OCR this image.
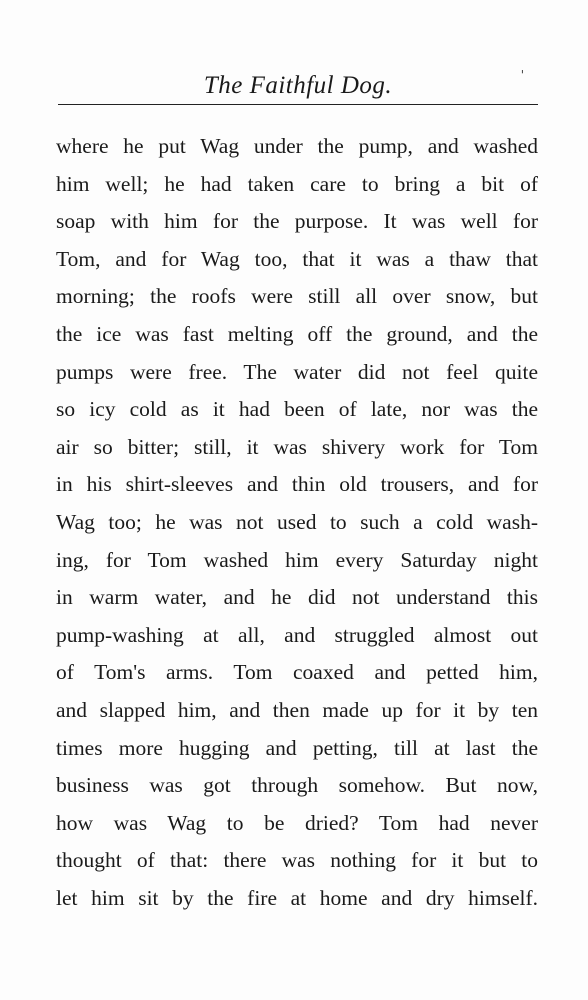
The Faithful Dog.	'
where he put Wag under the pump, and washed
him well; he had taken care to bring a bit of
soap with him for the purpose. It was well for
Tom, and for Wag too, that it was a thaw that
morning; the roofs were still all over snow, but
the ice was fast melting off the ground, and the
pumps were free. The water did not feel quite
so icy cold as it had been of late, nor was the
air so bitter; still, it was shivery work for Tom
in his shirt-sleeves and thin old trousers, and for
Wag too; he was not used to such a cold wash-
ing, for Tom washed him every Saturday night
in warm water, and he did not understand this
pump-washing at all, and struggled almost out
of Tom's arms. Tom coaxed and petted him,
and slapped him, and then made up for it by ten
times more hugging and petting, till at last the
business was got through somehow. But now,
how was Wag to be dried? Tom had never
thought of that: there was nothing for it but to
let him sit by the fire at home and dry himself.
